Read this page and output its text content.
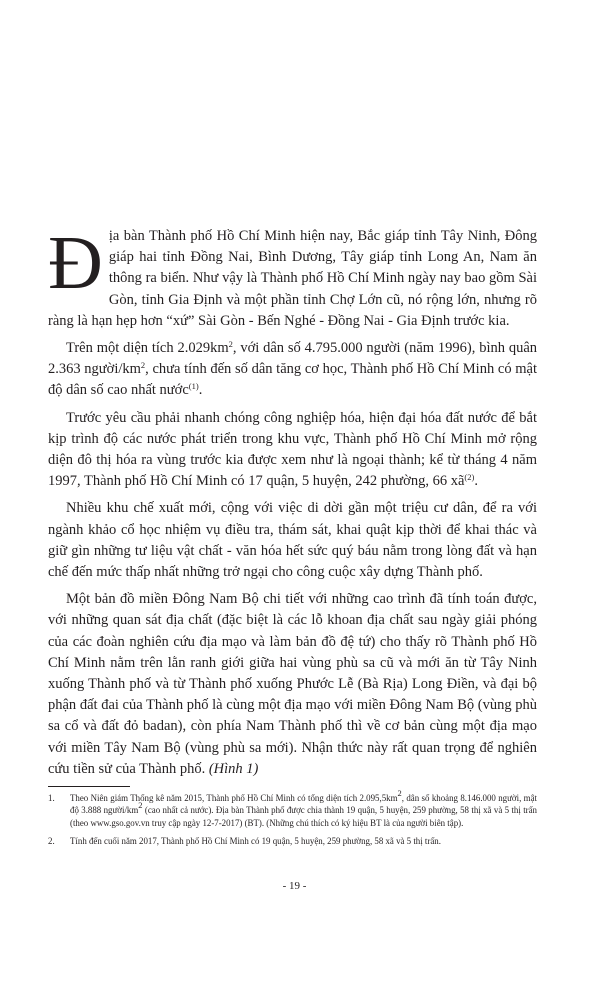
Địa bàn Thành phố Hồ Chí Minh hiện nay, Bắc giáp tỉnh Tây Ninh, Đông giáp hai tỉnh Đồng Nai, Bình Dương, Tây giáp tỉnh Long An, Nam ăn thông ra biển. Như vậy là Thành phố Hồ Chí Minh ngày nay bao gồm Sài Gòn, tỉnh Gia Định và một phần tỉnh Chợ Lớn cũ, nó rộng lớn, nhưng rõ ràng là hạn hẹp hơn “xứ” Sài Gòn - Bến Nghé - Đồng Nai - Gia Định trước kia.

Trên một diện tích $2.029km^2$, với dân số 4.795.000 người (năm 1996), bình quân 2.363 người/$km^2$, chưa tính đến số dân tăng cơ học, Thành phố Hồ Chí Minh có mật độ dân số cao nhất nước$^{(1)}$.

Trước yêu cầu phải nhanh chóng công nghiệp hóa, hiện đại hóa đất nước để bắt kịp trình độ các nước phát triển trong khu vực, Thành phố Hồ Chí Minh mở rộng diện đô thị hóa ra vùng trước kia được xem như là ngoại thành; kể từ tháng 4 năm 1997, Thành phố Hồ Chí Minh có 17 quận, 5 huyện, 242 phường, 66 $xã^{(2)}$.

Nhiều khu chế xuất mới, cộng với việc di dời gần một triệu cư dân, để ra với ngành khảo cổ học nhiệm vụ điều tra, thám sát, khai quật kịp thời để khai thác và giữ gìn những tư liệu vật chất - văn hóa hết sức quý báu nằm trong lòng đất và hạn chế đến mức thấp nhất những trở ngại cho công cuộc xây dựng Thành phố.

Một bản đồ miền Đông Nam Bộ chi tiết với những cao trình đã tính toán được, với những quan sát địa chất (đặc biệt là các lỗ khoan địa chất sau ngày giải phóng của các đoàn nghiên cứu địa mạo và làm bản đồ đệ tứ) cho thấy rõ Thành phố Hồ Chí Minh nằm trên lằn ranh giới giữa hai vùng phù sa cũ và mới ăn từ Tây Ninh xuống Thành phố và từ Thành phố xuống Phước Lễ (Bà Rịa) Long Điền, và đại bộ phận đất đai của Thành phố là cùng một địa mạo với miền Đông Nam Bộ (vùng phù sa cổ và đất đỏ badan), còn phía Nam Thành phố thì về cơ bản cùng một địa mạo với miền Tây Nam Bộ (vùng phù sa mới). Nhận thức này rất quan trọng để nghiên cứu tiền sử của Thành phố. (Hình 1)

1.	Theo Niên giám Thống kê năm 2015, Thành phố Hồ Chí Minh có tổng diện tích $2.095,5km^2$, dân số khoảng 8.146.000 người, mật độ 3.888 người/$km^2$ (cao nhất cả nước). Địa bàn Thành phố được chia thành 19 quận, 5 huyện, 259 phường, 58 thị xã và 5 thị trấn (theo www.gso.gov.vn truy cập ngày 12-7-2017) (BT). (Những chú thích có ký hiệu BT là của người biên tập).
2.	Tính đến cuối năm 2017, Thành phố Hồ Chí Minh có 19 quận, 5 huyện, 259 phường, 58 xã và 5 thị trấn.
- 19 -
